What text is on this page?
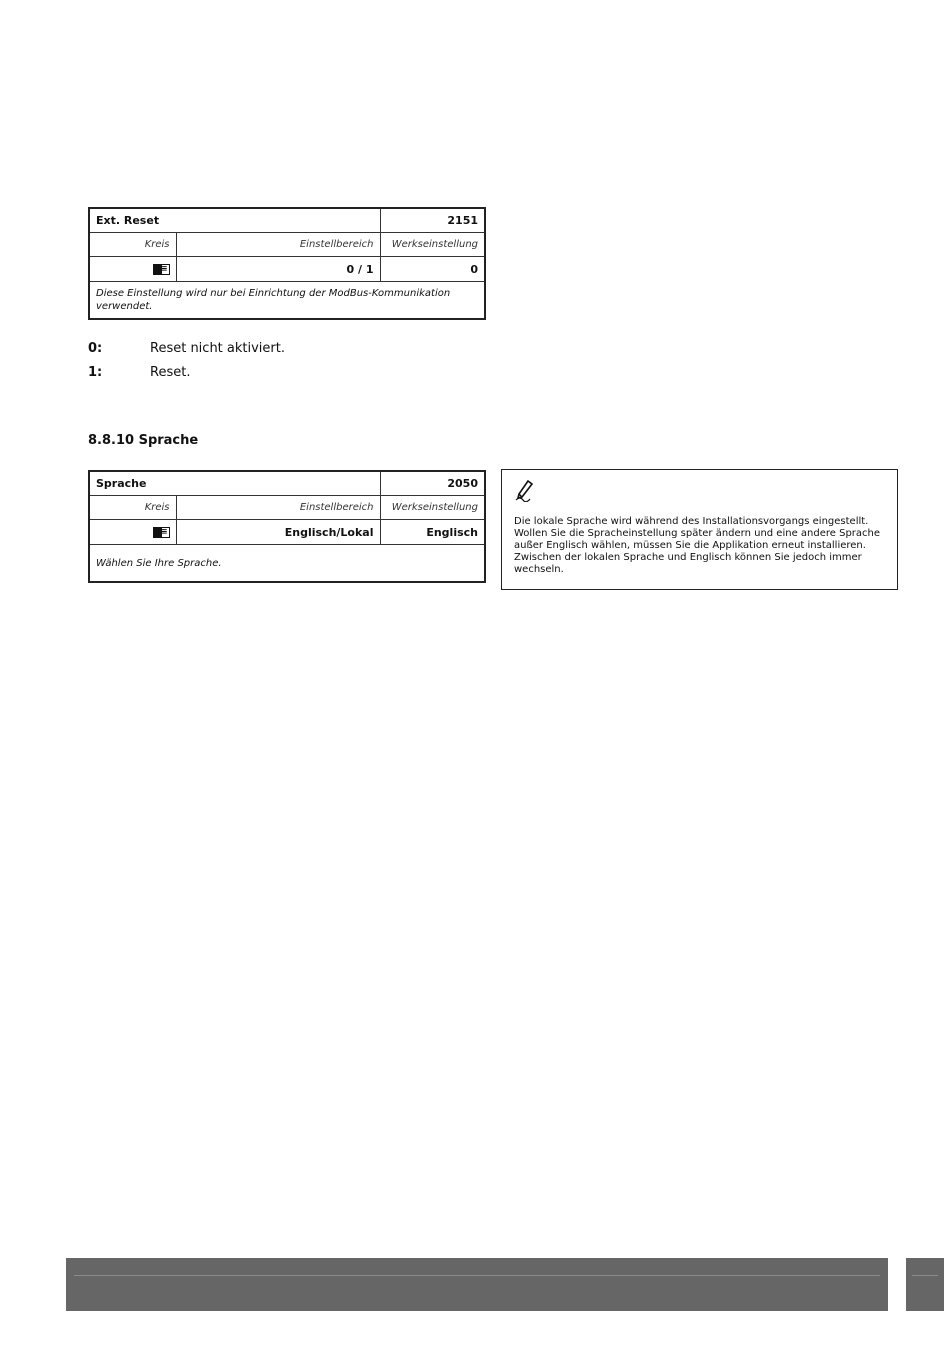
Ext. Reset		2151
Kreis	Einstellbereich	Werkseinstellung

≡	0 / 1	0
Diese Einstellung wird nur bei Einrichtung der ModBus-Kommunikation verwendet.		
0:	Reset nicht aktiviert.
1:	Reset.
8.8.10 Sprache
Sprache		2050
Kreis	Einstellbereich	Werkseinstellung

≡	Englisch/Lokal	Englisch
Wählen Sie Ihre Sprache.		
Die lokale Sprache wird während des Installationsvorgangs eingestellt. Wollen Sie die Spracheinstellung später ändern und eine andere Sprache außer Englisch wählen, müssen Sie die Applikation erneut installieren. Zwischen der lokalen Sprache und Englisch können Sie jedoch immer wechseln.
